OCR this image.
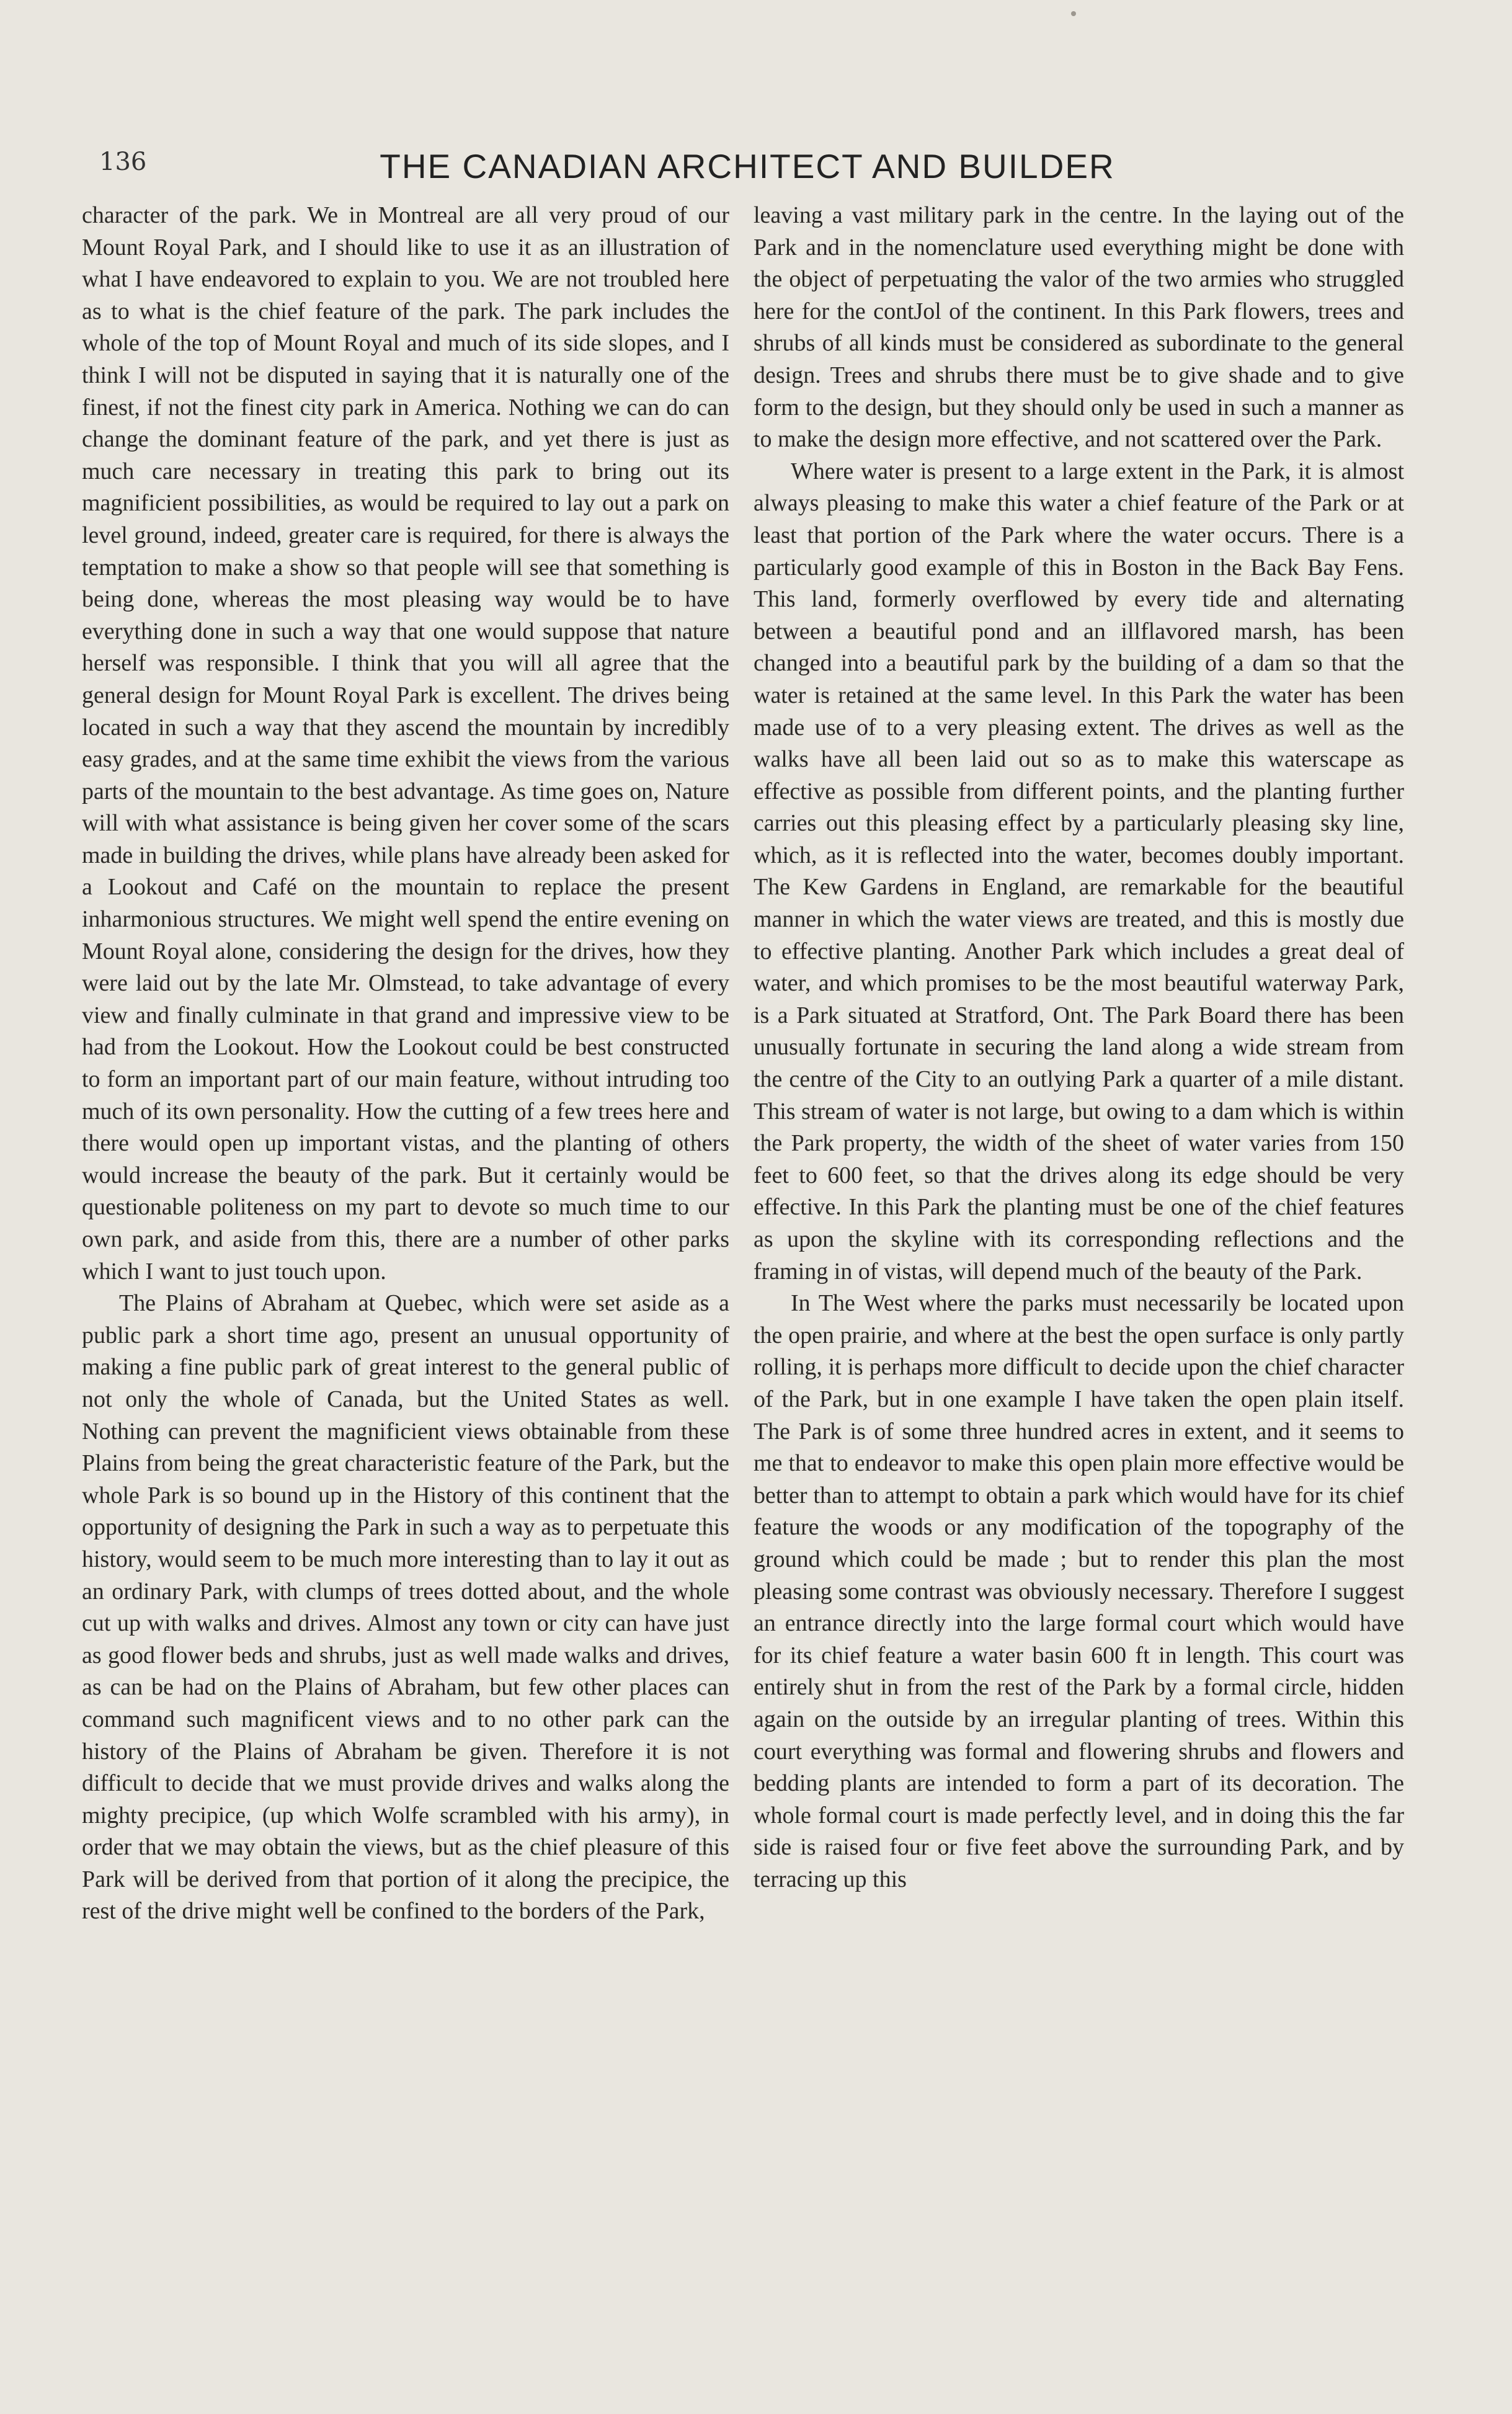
136	THE CANADIAN ARCHITECT AND BUILDER

character of the park. We in Montreal are all very proud of our Mount Royal Park, and I should like to use it as an illustration of what I have endeavored to explain to you. We are not troubled here as to what is the chief feature of the park. The park includes the whole of the top of Mount Royal and much of its side slopes, and I think I will not be disputed in saying that it is naturally one of the finest, if not the finest city park in America. Nothing we can do can change the dominant feature of the park, and yet there is just as much care necessary in treating this park to bring out its magnificient possibilities, as would be required to lay out a park on level ground, indeed, greater care is required, for there is always the temptation to make a show so that people will see that something is being done, whereas the most pleasing way would be to have everything done in such a way that one would suppose that nature herself was responsible. I think that you will all agree that the general design for Mount Royal Park is excellent. The drives being located in such a way that they ascend the mountain by incredibly easy grades, and at the same time exhibit the views from the various parts of the mountain to the best advantage. As time goes on, Nature will with what assistance is being given her cover some of the scars made in building the drives, while plans have already been asked for a Lookout and Café on the mountain to replace the present inharmonious structures. We might well spend the entire evening on Mount Royal alone, considering the design for the drives, how they were laid out by the late Mr. Olmstead, to take advantage of every view and finally culminate in that grand and impressive view to be had from the Lookout. How the Lookout could be best constructed to form an important part of our main feature, without intruding too much of its own personality. How the cutting of a few trees here and there would open up important vistas, and the planting of others would increase the beauty of the park. But it certainly would be questionable politeness on my part to devote so much time to our own park, and aside from this, there are a number of other parks which I want to just touch upon.

The Plains of Abraham at Quebec, which were set aside as a public park a short time ago, present an unusual opportunity of making a fine public park of great interest to the general public of not only the whole of Canada, but the United States as well. Nothing can prevent the magnificient views obtainable from these Plains from being the great characteristic feature of the Park, but the whole Park is so bound up in the History of this continent that the opportunity of designing the Park in such a way as to perpetuate this history, would seem to be much more interesting than to lay it out as an ordinary Park, with clumps of trees dotted about, and the whole cut up with walks and drives. Almost any town or city can have just as good flower beds and shrubs, just as well made walks and drives, as can be had on the Plains of Abraham, but few other places can command such magnificent views and to no other park can the history of the Plains of Abraham be given. Therefore it is not difficult to decide that we must provide drives and walks along the mighty precipice, (up which Wolfe scrambled with his army), in order that we may obtain the views, but as the chief pleasure of this Park will be derived from that portion of it along the precipice, the rest of the drive might well be confined to the borders of the Park,

leaving a vast military park in the centre. In the laying out of the Park and in the nomenclature used everything might be done with the object of perpetuating the valor of the two armies who struggled here for the contJol of the continent. In this Park flowers, trees and shrubs of all kinds must be considered as subordinate to the general design. Trees and shrubs there must be to give shade and to give form to the design, but they should only be used in such a manner as to make the design more effective, and not scattered over the Park.

Where water is present to a large extent in the Park, it is almost always pleasing to make this water a chief feature of the Park or at least that portion of the Park where the water occurs. There is a particularly good example of this in Boston in the Back Bay Fens. This land, formerly overflowed by every tide and alternating between a beautiful pond and an illflavored marsh, has been changed into a beautiful park by the building of a dam so that the water is retained at the same level. In this Park the water has been made use of to a very pleasing extent. The drives as well as the walks have all been laid out so as to make this waterscape as effective as possible from different points, and the planting further carries out this pleasing effect by a particularly pleasing sky line, which, as it is reflected into the water, becomes doubly important. The Kew Gardens in England, are remarkable for the beautiful manner in which the water views are treated, and this is mostly due to effective planting. Another Park which includes a great deal of water, and which promises to be the most beautiful waterway Park, is a Park situated at Stratford, Ont. The Park Board there has been unusually fortunate in securing the land along a wide stream from the centre of the City to an outlying Park a quarter of a mile distant. This stream of water is not large, but owing to a dam which is within the Park property, the width of the sheet of water varies from 150 feet to 600 feet, so that the drives along its edge should be very effective. In this Park the planting must be one of the chief features as upon the skyline with its corresponding reflections and the framing in of vistas, will depend much of the beauty of the Park.

In The West where the parks must necessarily be located upon the open prairie, and where at the best the open surface is only partly rolling, it is perhaps more difficult to decide upon the chief character of the Park, but in one example I have taken the open plain itself. The Park is of some three hundred acres in extent, and it seems to me that to endeavor to make this open plain more effective would be better than to attempt to obtain a park which would have for its chief feature the woods or any modification of the topography of the ground which could be made ; but to render this plan the most pleasing some contrast was obviously necessary. Therefore I suggest an entrance directly into the large formal court which would have for its chief feature a water basin 600 ft in length. This court was entirely shut in from the rest of the Park by a formal circle, hidden again on the outside by an irregular planting of trees. Within this court everything was formal and flowering shrubs and flowers and bedding plants are intended to form a part of its decoration. The whole formal court is made perfectly level, and in doing this the far side is raised four or five feet above the surrounding Park, and by terracing up this
